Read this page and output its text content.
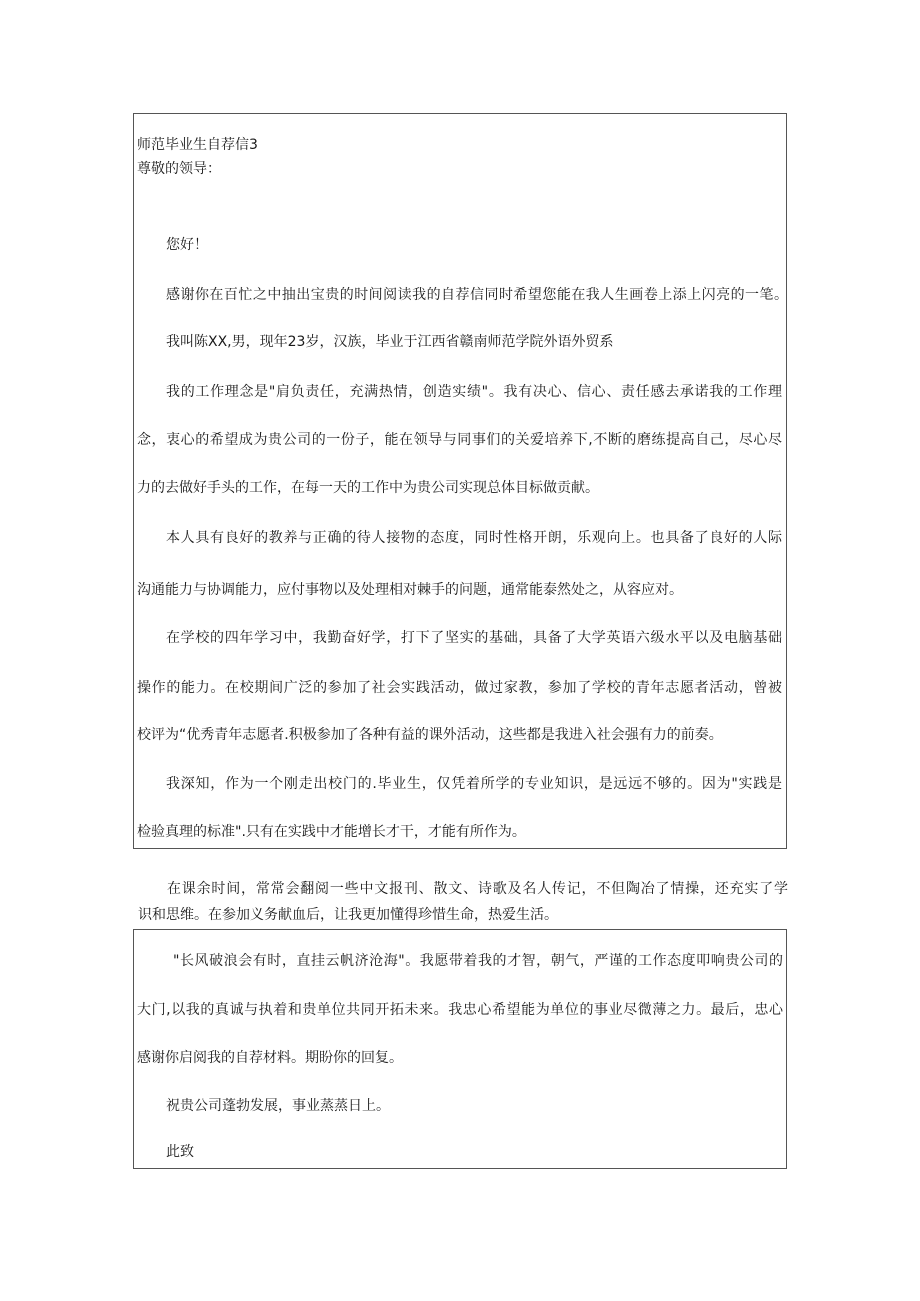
师范毕业生自荐信3

尊敬的领导：

您好！

感谢你在百忙之中抽出宝贵的时间阅读我的自荐信同时希望您能在我人生画卷上添上闪亮的一笔。

我叫陈XX,男，现年23岁，汉族，毕业于江西省赣南师范学院外语外贸系

我的工作理念是"肩负责任，充满热情，创造实绩"。我有决心、信心、责任感去承诺我的工作理

念，衷心的希望成为贵公司的一份子，能在领导与同事们的关爱培养下,不断的磨练提高自己，尽心尽

力的去做好手头的工作，在每一天的工作中为贵公司实现总体目标做贡献。

本人具有良好的教养与正确的待人接物的态度，同时性格开朗，乐观向上。也具备了良好的人际

沟通能力与协调能力，应付事物以及处理相对棘手的问题，通常能泰然处之，从容应对。

在学校的四年学习中，我勤奋好学，打下了坚实的基础，具备了大学英语六级水平以及电脑基础

操作的能力。在校期间广泛的参加了社会实践活动，做过家教，参加了学校的青年志愿者活动，曾被

校评为“优秀青年志愿者.积极参加了各种有益的课外活动，这些都是我进入社会强有力的前奏。

我深知，作为一个刚走出校门的.毕业生，仅凭着所学的专业知识，是远远不够的。因为"实践是

检验真理的标准".只有在实践中才能增长才干，才能有所作为。

在课余时间，常常会翻阅一些中文报刊、散文、诗歌及名人传记，不但陶冶了情操，还充实了学
识和思维。在参加义务献血后，让我更加懂得珍惜生命，热爱生活。

"长风破浪会有时，直挂云帆济沧海"。我愿带着我的才智，朝气，严谨的工作态度叩响贵公司的

大门,以我的真诚与执着和贵单位共同开拓未来。我忠心希望能为单位的事业尽微薄之力。最后，忠心

感谢你启阅我的自荐材料。期盼你的回复。

祝贵公司蓬勃发展，事业蒸蒸日上。

此致
